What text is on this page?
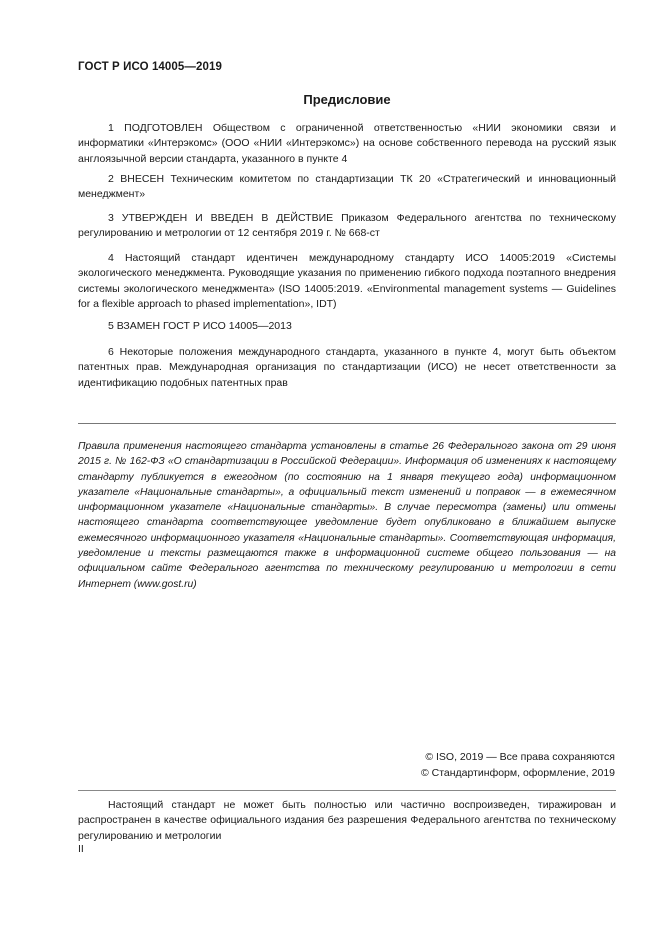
ГОСТ Р ИСО 14005—2019
Предисловие

1 ПОДГОТОВЛЕН Обществом с ограниченной ответственностью «НИИ экономики связи и информатики «Интерэкомс» (ООО «НИИ «Интерэкомс») на основе собственного перевода на русский язык англоязычной версии стандарта, указанного в пункте 4

2 ВНЕСЕН Техническим комитетом по стандартизации ТК 20 «Стратегический и инновационный менеджмент»

3 УТВЕРЖДЕН И ВВЕДЕН В ДЕЙСТВИЕ Приказом Федерального агентства по техническому регулированию и метрологии от 12 сентября 2019 г. № 668-ст

4 Настоящий стандарт идентичен международному стандарту ИСО 14005:2019 «Системы экологического менеджмента. Руководящие указания по применению гибкого подхода поэтапного внедрения системы экологического менеджмента» (ISO 14005:2019. «Environmental management systems — Guidelines for a flexible approach to phased implementation», IDT)

5 ВЗАМЕН ГОСТ Р ИСО 14005—2013

6 Некоторые положения международного стандарта, указанного в пункте 4, могут быть объектом патентных прав. Международная организация по стандартизации (ИСО) не несет ответственности за идентификацию подобных патентных прав

Правила применения настоящего стандарта установлены в статье 26 Федерального закона от 29 июня 2015 г. № 162-ФЗ «О стандартизации в Российской Федерации». Информация об изменениях к настоящему стандарту публикуется в ежегодном (по состоянию на 1 января текущего года) информационном указателе «Национальные стандарты», а официальный текст изменений и поправок — в ежемесячном информационном указателе «Национальные стандарты». В случае пересмотра (замены) или отмены настоящего стандарта соответствующее уведомление будет опубликовано в ближайшем выпуске ежемесячного информационного указателя «Национальные стандарты». Соответствующая информация, уведомление и тексты размещаются также в информационной системе общего пользования — на официальном сайте Федерального агентства по техническому регулированию и метрологии в сети Интернет (www.gost.ru)

© ISO, 2019 — Все права сохраняются
© Стандартинформ, оформление, 2019

Настоящий стандарт не может быть полностью или частично воспроизведен, тиражирован и распространен в качестве официального издания без разрешения Федерального агентства по техническому регулированию и метрологии

II
